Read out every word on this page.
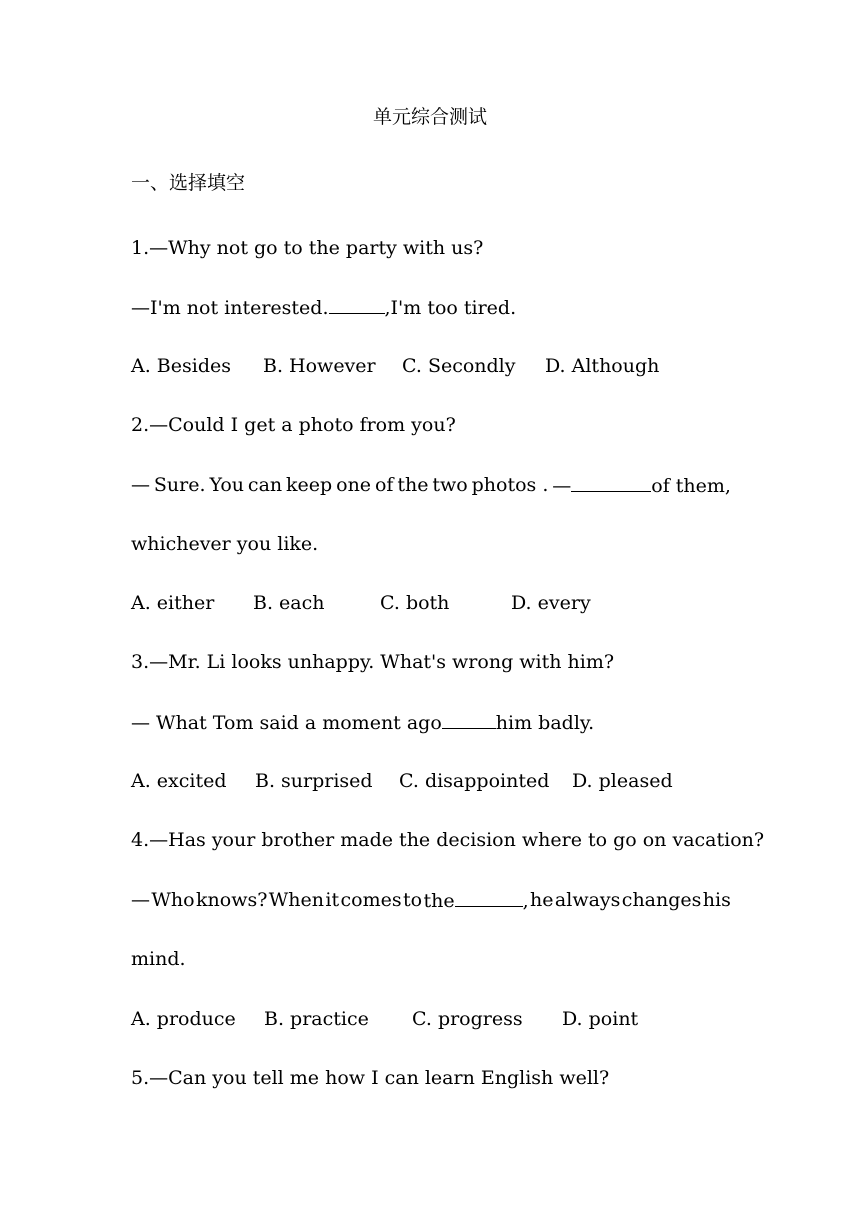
单元综合测试
一、选择填空
1.—Why not go to the party with us?
—I'm not interested.	,I'm too tired.
A. Besides B. However C. Secondly D. Although
2.—Could I get a photo from you?
— Sure. You can keep one of the two photos . —	of them,
whichever you like.
A. either B. each	C. both	D. every
3.—Mr. Li looks unhappy. What's wrong with him?
— What Tom said a moment ago	him badly.
A. excited B. surprised C. disappointed D. pleased
4.—Has your brother made the decision where to go on vacation?
— Who knows? When it comes to the	, he always changes his
mind.
A. produce B. practice C. progress D. point
5.—Can you tell me how I can learn English well?
